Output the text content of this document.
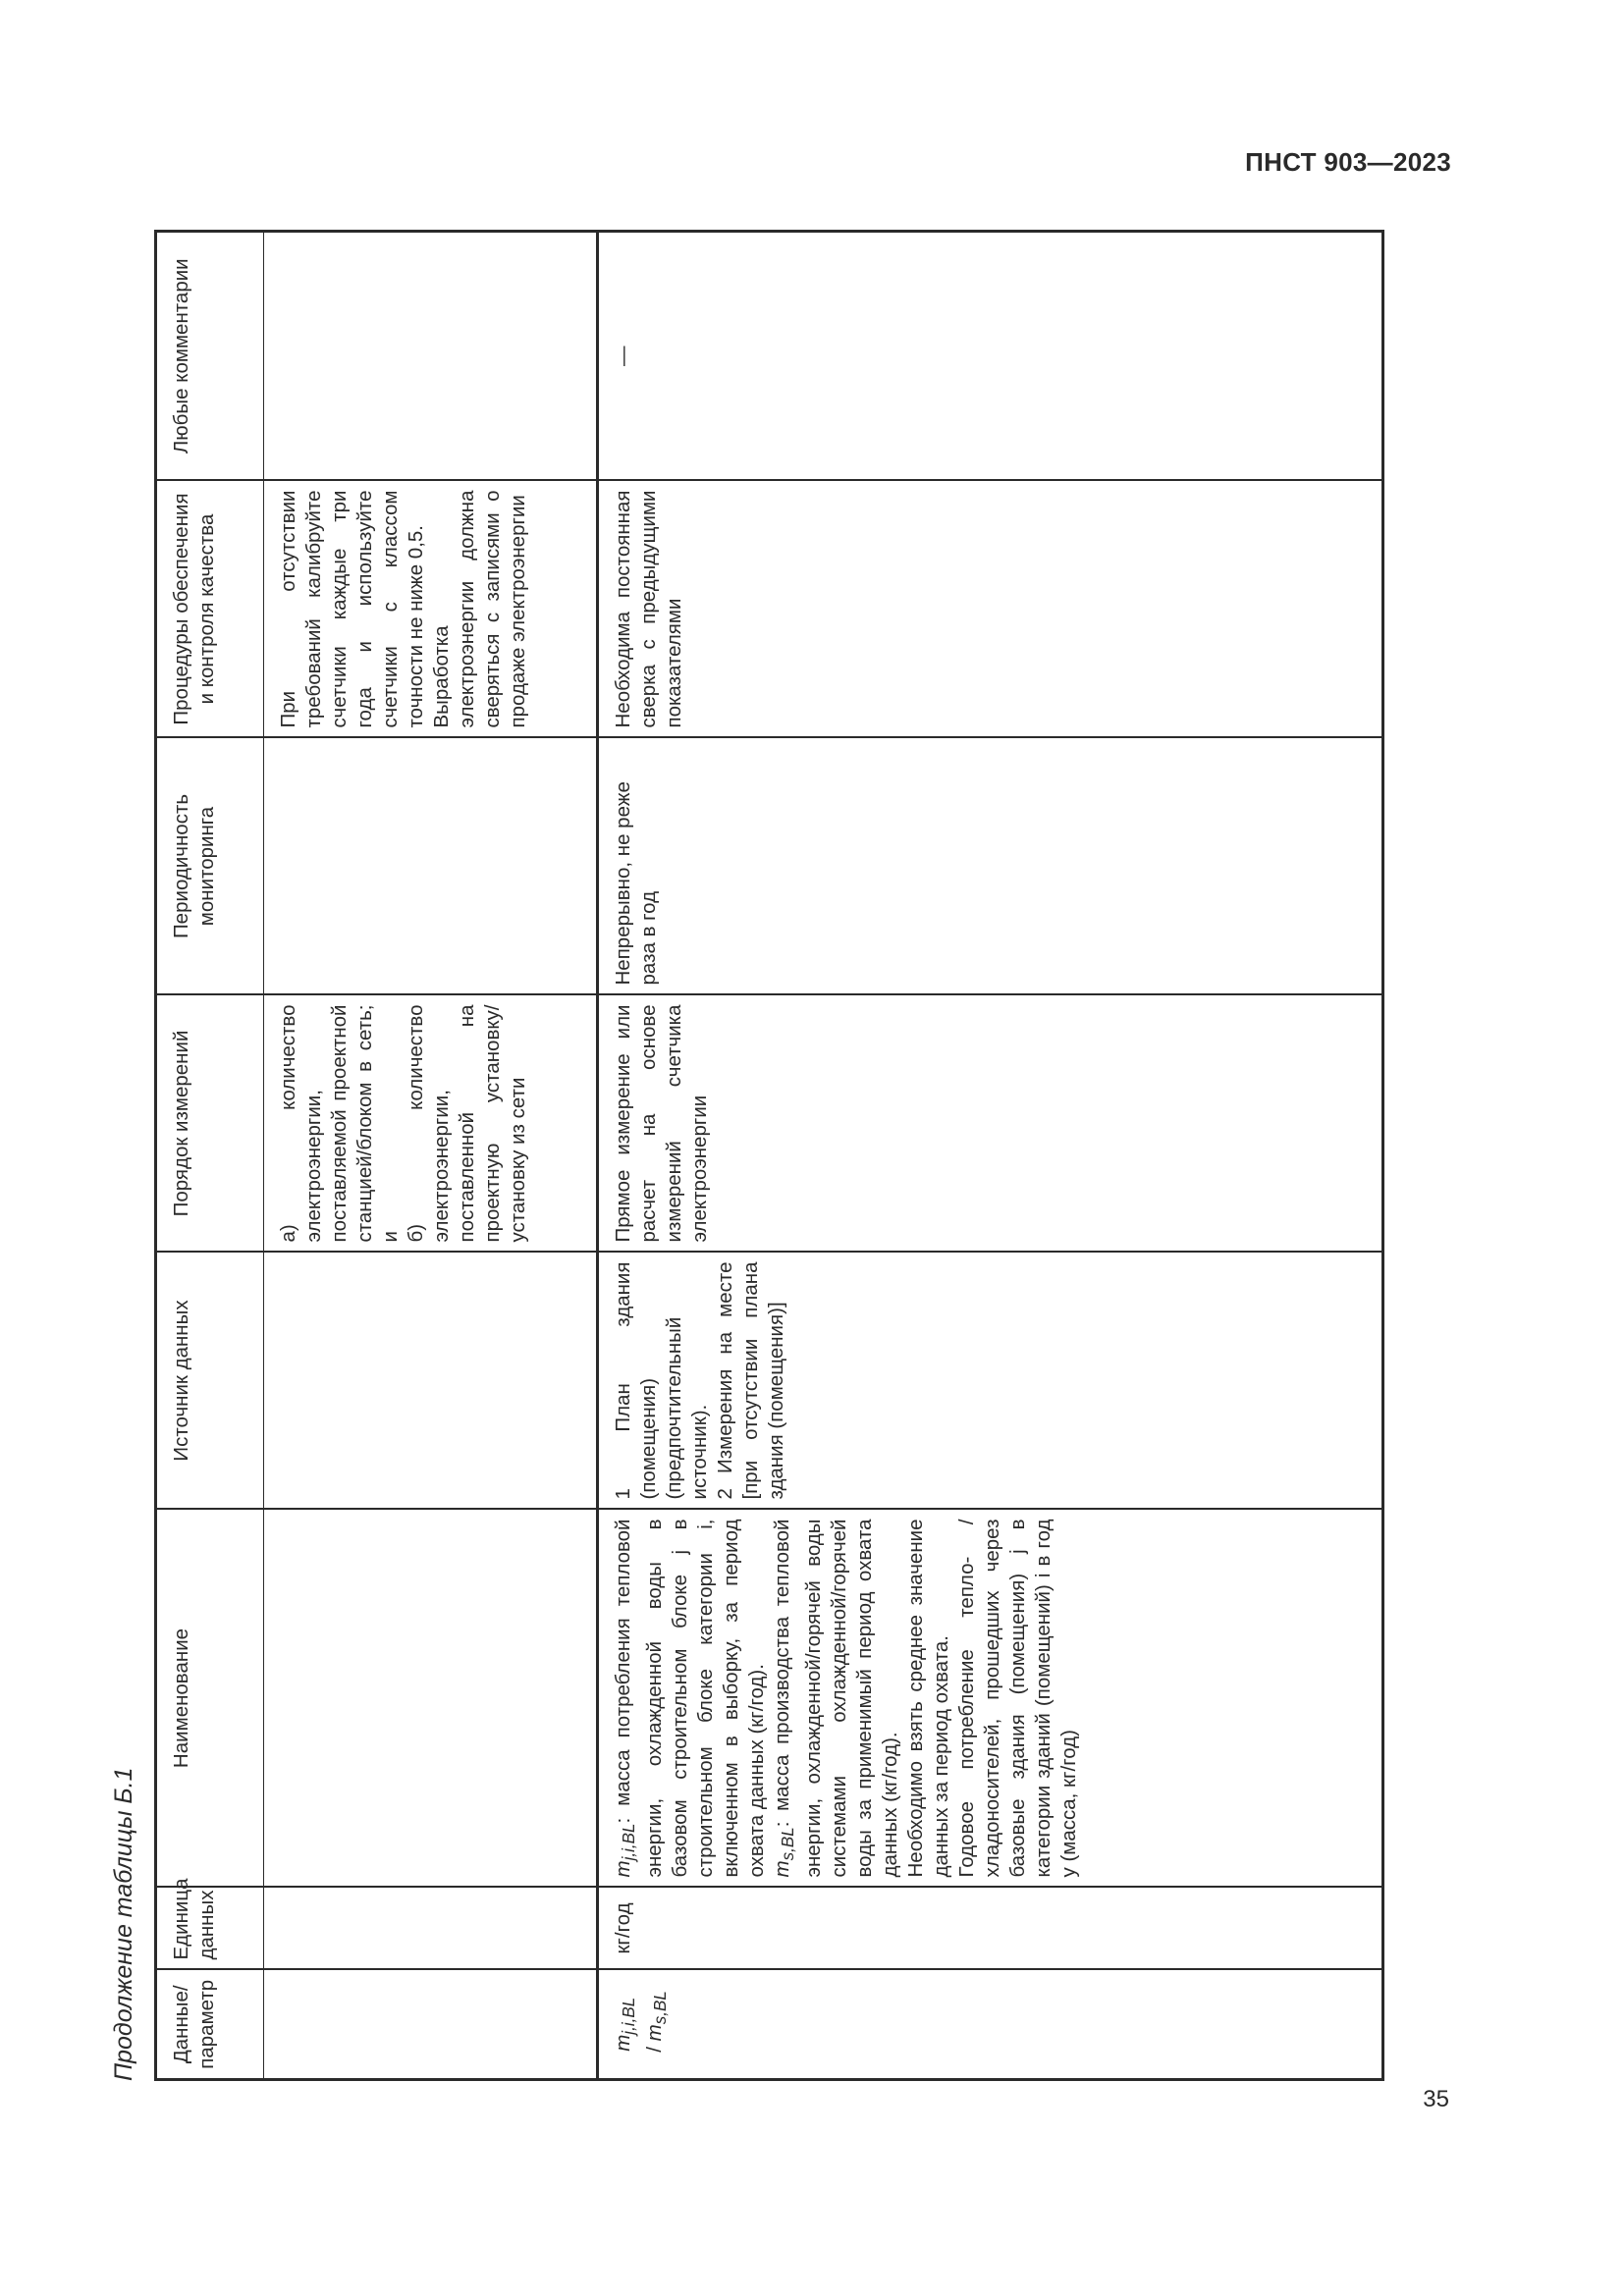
ПНСТ 903—2023
Продолжение таблицы Б.1 Данные/ параметр	Единица данных	Наименование	Источник данных	Порядок измерений	Периодичность мониторинга	Процедуры обеспечения и контроля качества	Любые комментарии

				а) количество электроэнергии, поставляемой проектной станцией/блоком в сеть; и б) количество электроэнергии, поставленной на проектную установку/установку из сети		При отсутствии требований калибруйте счетчики каждые три года и используйте счетчики с классом точности не ниже 0,5. Выработка электроэнергии должна сверяться с записями о продаже электроэнергии	

$m_{j,i,BL} / m_{s,BL}$	кг/год	$m_{j,i,BL}$: масса потребления тепловой энергии, охлажденной воды в базовом строительном блоке j в строительном блоке категории i, включенном в выборку, за период охвата данных (кг/год). $m_{s,BL}$: масса производства тепловой энергии, охлажденной/горячей воды системами охлажденной/горячей воды за применимый период охвата данных (кг/год). Необходимо взять среднее значение данных за период охвата. Годовое потребление тепло- / хладоносителей, прошедших через базовые здания (помещения) j в категории зданий (помещений) i в год y (масса, кг/год)	1 План здания (помещения) (предпочтительный источник). 2 Измерения на месте [при отсутствии плана здания (помещения)]	Прямое измерение или расчет на основе измерений счетчика электроэнергии	Непрерывно, не реже раза в год	Необходима постоянная сверка с предыдущими показателями	—
35
